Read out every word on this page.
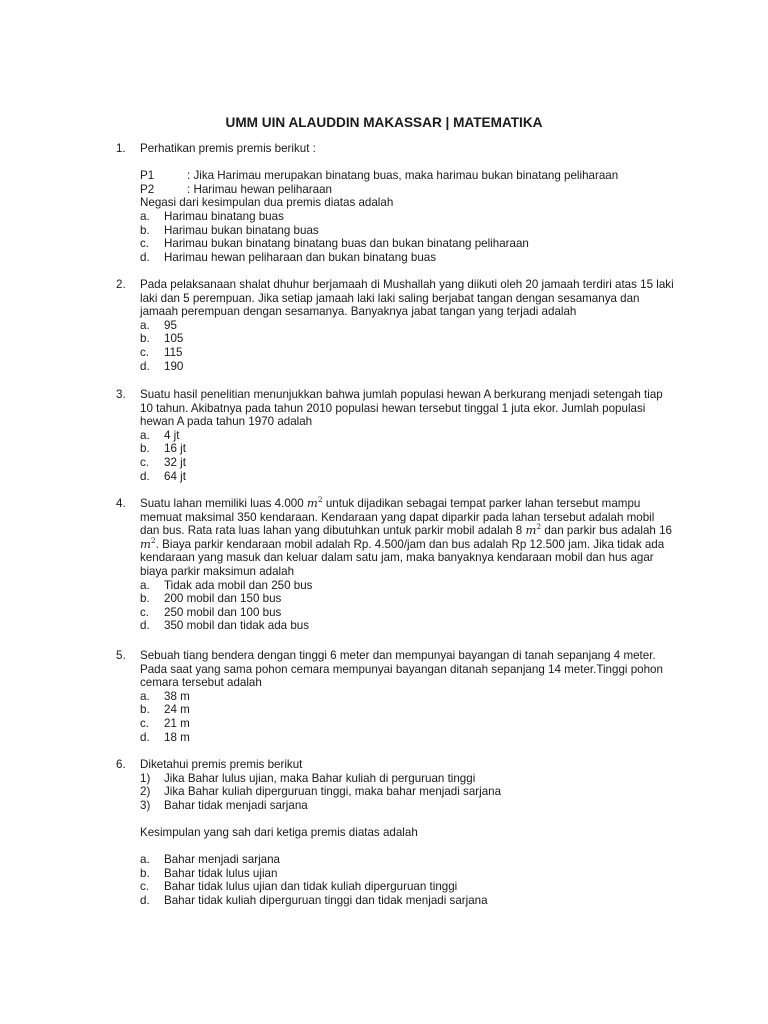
UMM UIN ALAUDDIN MAKASSAR | MATEMATIKA
1. Perhatikan premis premis berikut :
P1	: Jika Harimau merupakan binatang buas, maka harimau bukan binatang peliharaan
P2	: Harimau hewan peliharaan
Negasi dari kesimpulan dua premis diatas adalah
a.	Harimau binatang buas
b.	Harimau bukan binatang buas
c.	Harimau bukan binatang binatang buas dan bukan binatang peliharaan
d.	Harimau hewan peliharaan dan bukan binatang buas
2. Pada pelaksanaan shalat dhuhur berjamaah di Mushallah yang diikuti oleh 20 jamaah terdiri atas 15 laki
laki dan 5 perempuan. Jika setiap jamaah laki laki saling berjabat tangan dengan sesamanya dan
jamaah perempuan dengan sesamanya. Banyaknya jabat tangan yang terjadi adalah
a.	95
b.	105
c.	115
d.	190
3. Suatu hasil penelitian menunjukkan bahwa jumlah populasi hewan A berkurang menjadi setengah tiap
10 tahun. Akibatnya pada tahun 2010 populasi hewan tersebut tinggal 1 juta ekor. Jumlah populasi
hewan A pada tahun 1970 adalah
a.	4 jt
b.	16 jt
c.	32 jt
d.	64 jt
4. Suatu lahan memiliki luas 4.000 $m^2$ untuk dijadikan sebagai tempat parker lahan tersebut mampu
memuat maksimal 350 kendaraan. Kendaraan yang dapat diparkir pada lahan tersebut adalah mobil
dan bus. Rata rata luas lahan yang dibutuhkan untuk parkir mobil adalah 8 $m^2$ dan parkir bus adalah 16
$m^2$. Biaya parkir kendaraan mobil adalah Rp. 4.500/jam dan bus adalah Rp 12.500 jam. Jika tidak ada
kendaraan yang masuk dan keluar dalam satu jam, maka banyaknya kendaraan mobil dan hus agar
biaya parkir maksimun adalah
a.	Tidak ada mobil dan 250 bus
b.	200 mobil dan 150 bus
c.	250 mobil dan 100 bus
d.	350 mobil dan tidak ada bus
5. Sebuah tiang bendera dengan tinggi 6 meter dan mempunyai bayangan di tanah sepanjang 4 meter.
Pada saat yang sama pohon cemara mempunyai bayangan ditanah sepanjang 14 meter.Tinggi pohon
cemara tersebut adalah
a.	38 m
b.	24 m
c.	21 m
d.	18 m
6. Diketahui premis premis berikut
1)	Jika Bahar lulus ujian, maka Bahar kuliah di perguruan tinggi
2)	Jika Bahar kuliah diperguruan tinggi, maka bahar menjadi sarjana
3)	Bahar tidak menjadi sarjana
Kesimpulan yang sah dari ketiga premis diatas adalah
a.	Bahar menjadi sarjana
b.	Bahar tidak lulus ujian
c.	Bahar tidak lulus ujian dan tidak kuliah diperguruan tinggi
d.	Bahar tidak kuliah diperguruan tinggi dan tidak menjadi sarjana
